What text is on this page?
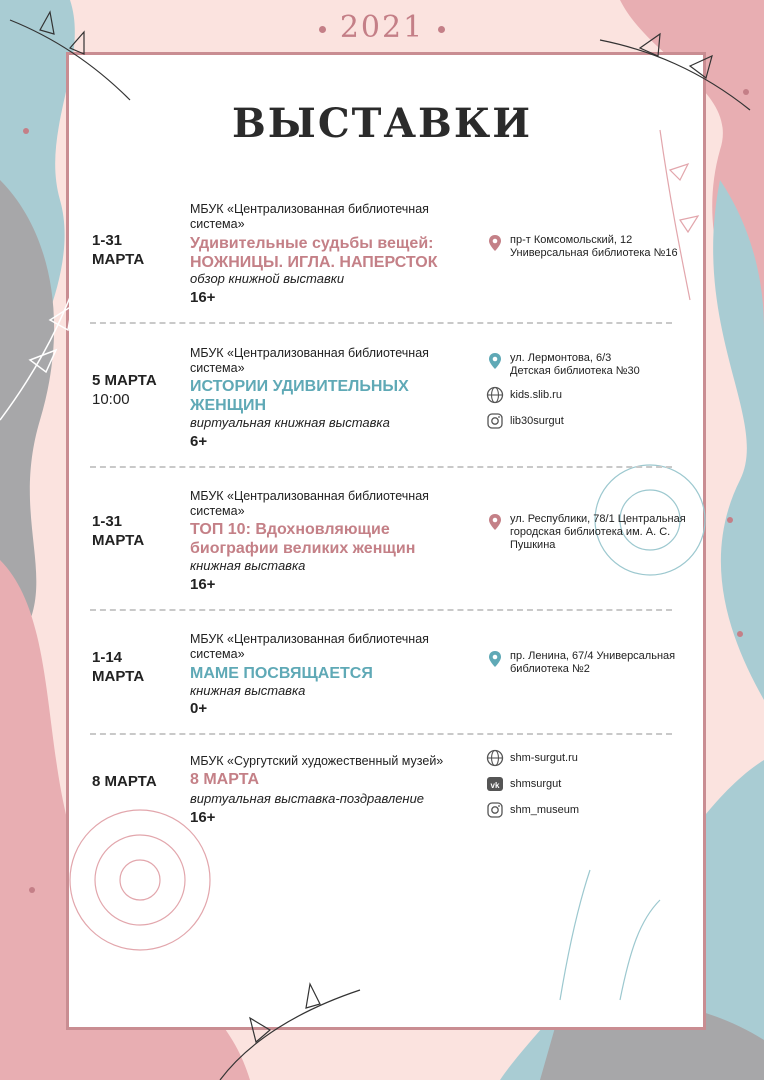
2021
ВЫСТАВКИ
1-31 МАРТА
МБУК «Централизованная библиотечная система»
Удивительные судьбы вещей: НОЖНИЦЫ. ИГЛА. НАПЕРСТОК
обзор книжной выставки
16+
пр-т Комсомольский, 12 Универсальная библиотека №16
5 МАРТА
10:00
МБУК «Централизованная библиотечная система»
ИСТОРИИ УДИВИТЕЛЬНЫХ ЖЕНЩИН
виртуальная книжная выставка
6+
ул. Лермонтова, 6/3 Детская библиотека №30
kids.slib.ru
lib30surgut
1-31 МАРТА
МБУК «Централизованная библиотечная система»
ТОП 10: Вдохновляющие биографии великих женщин
книжная выставка
16+
ул. Республики, 78/1 Центральная городская библиотека им. А. С. Пушкина
1-14 МАРТА
МБУК «Централизованная библиотечная система»
МАМЕ ПОСВЯЩАЕТСЯ
книжная выставка
0+
пр. Ленина, 67/4 Универсальная библиотека №2
8 МАРТА
МБУК «Сургутский художественный музей»
8 МАРТА
виртуальная выставка-поздравление
16+
shm-surgut.ru
vk shmsurgut
shm_museum
